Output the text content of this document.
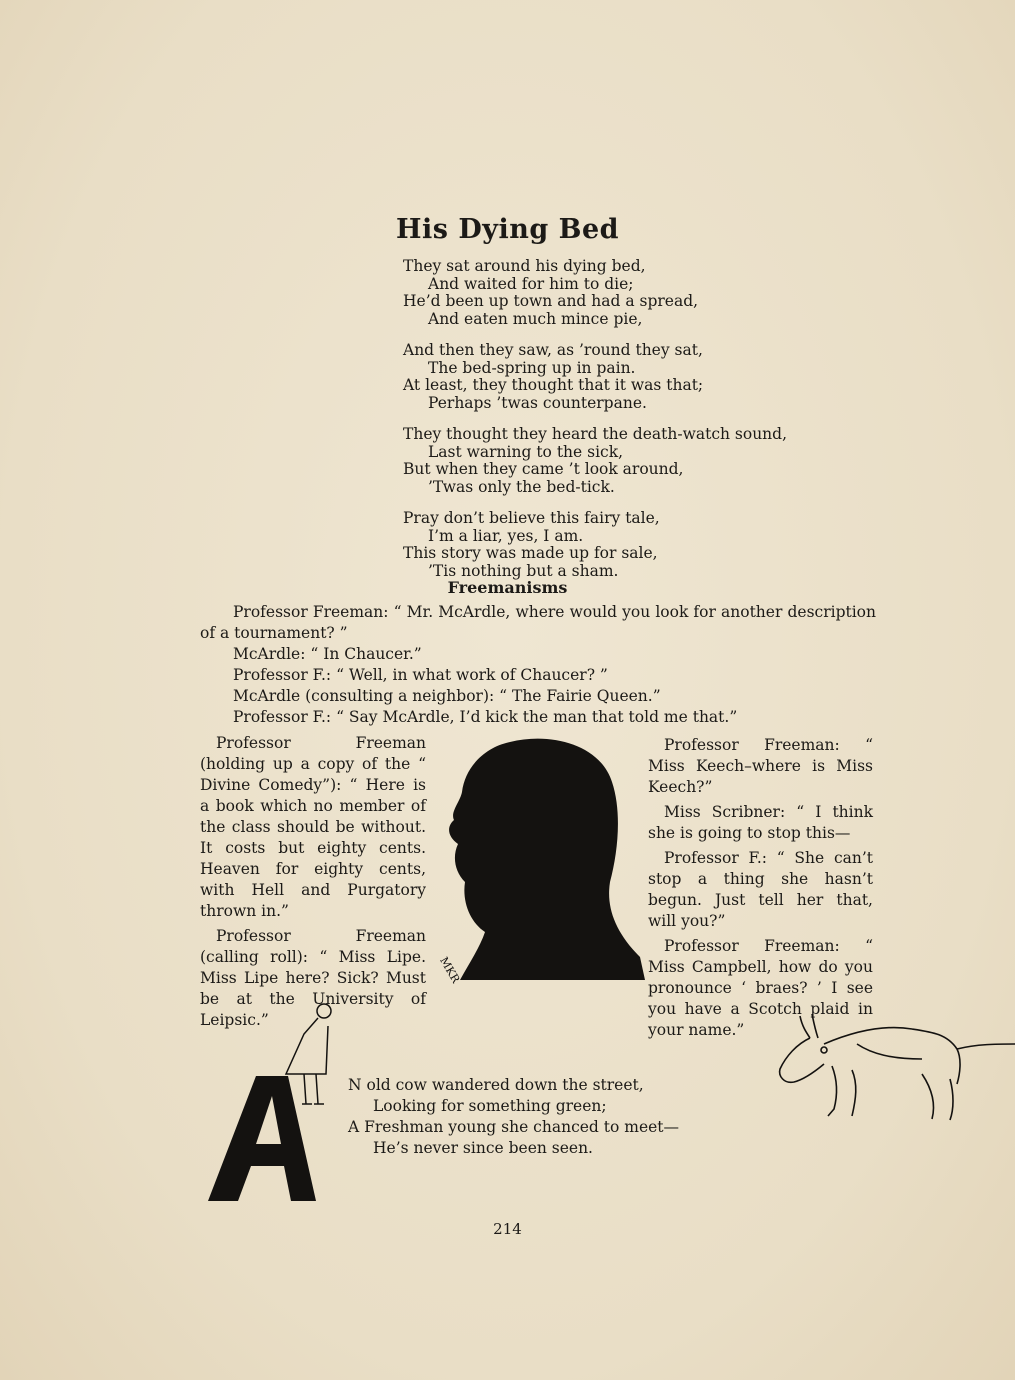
His Dying Bed
They sat around his dying bed,
And waited for him to die;
He’d been up town and had a spread,
And eaten much mince pie,
And then they saw, as ’round they sat,
The bed-spring up in pain.
At least, they thought that it was that;
Perhaps ’twas counterpane.
They thought they heard the death-watch sound,
Last warning to the sick,
But when they came ’t look around,
’Twas only the bed-tick.
Pray don’t believe this fairy tale,
I’m a liar, yes, I am.
This story was made up for sale,
’Tis nothing but a sham.
Freemanisms

Professor Freeman: “ Mr. McArdle, where would you look for another description of a tournament? ”

McArdle: “ In Chaucer.”

Professor F.: “ Well, in what work of Chaucer? ”

McArdle (consulting a neighbor): “ The Fairie Queen.”

Professor F.: “ Say McArdle, I’d kick the man that told me that.”

Professor Freeman (holding up a copy of the “ Divine Comedy”): “ Here is a book which no member of the class should be without. It costs but eighty cents. Heaven for eighty cents, with Hell and Purgatory thrown in.”

Professor Freeman (calling roll): “ Miss Lipe. Miss Lipe here? Sick? Must be at the University of Leipsic.”

MKR

Professor Freeman: “ Miss Keech–where is Miss Keech?”

Miss Scribner: “ I think she is going to stop this—

Professor F.: “ She can’t stop a thing she hasn’t begun. Just tell her that, will you?”

Professor Freeman: “ Miss Campbell, how do you pronounce ‘ braes? ’ I see you have a Scotch plaid in your name.”

N old cow wandered down the street,
Looking for something green;
A Freshman young she chanced to meet—
He’s never since been seen.
214
